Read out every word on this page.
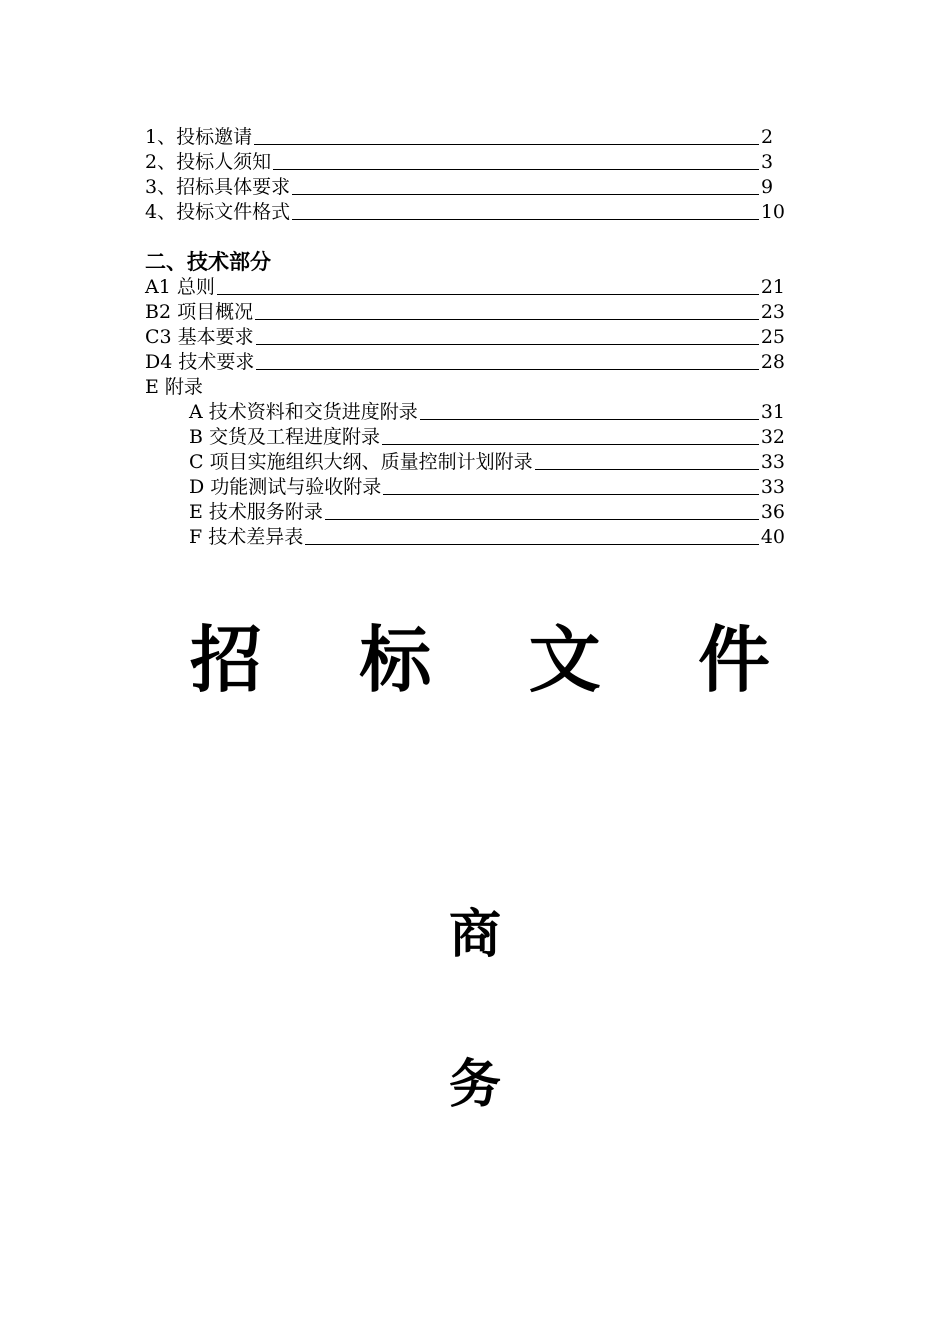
1、投标邀请	2
2、投标人须知	3
3、招标具体要求	9
4、投标文件格式	10
二、技术部分
A1 总则	21
B2 项目概况	23
C3 基本要求	25
D4 技术要求	28
E 附录
A 技术资料和交货进度附录	31
B 交货及工程进度附录	32
C 项目实施组织大纲、质量控制计划附录	33
D 功能测试与验收附录	33
E 技术服务附录	36
F 技术差异表	40
招 标 文 件
商
务
